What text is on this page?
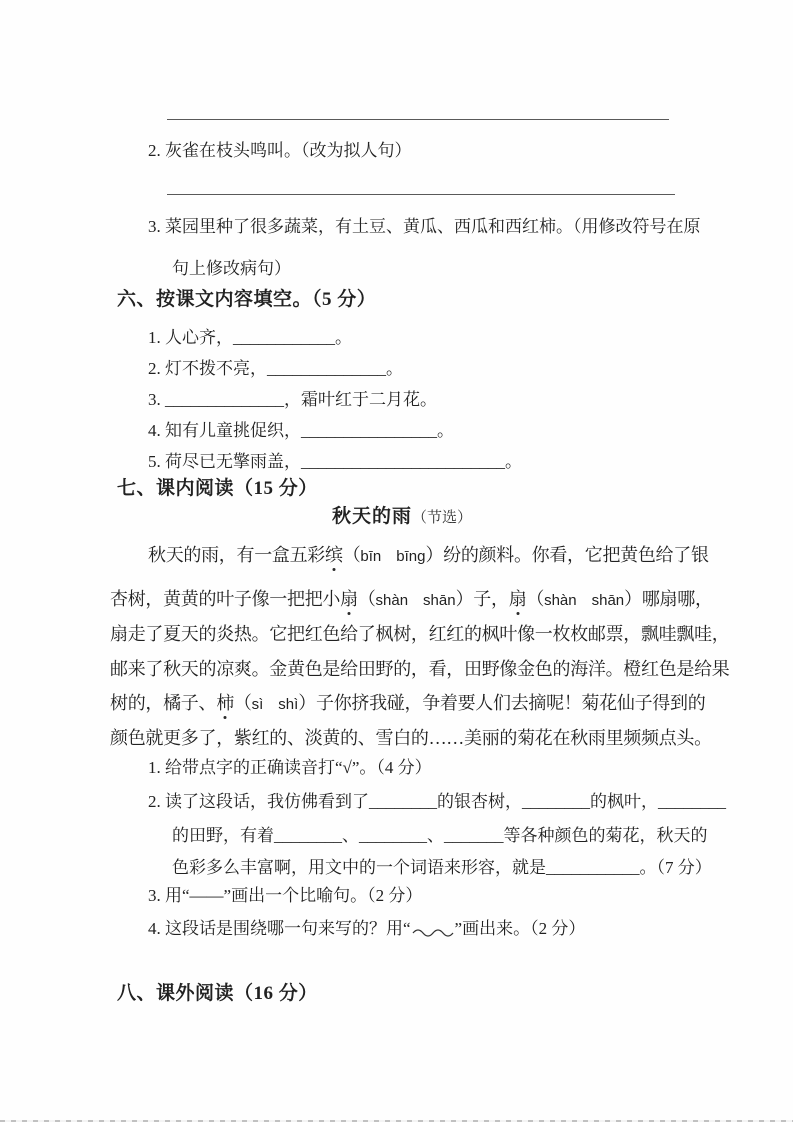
2. 灰雀在枝头鸣叫。（改为拟人句）
3. 菜园里种了很多蔬菜，有土豆、黄瓜、西瓜和西红柿。（用修改符号在原
句上修改病句）
六、按课文内容填空。（5 分）
1. 人心齐，____________。
2. 灯不拨不亮，______________。
3. ______________，霜叶红于二月花。
4. 知有儿童挑促织，________________。
5. 荷尽已无擎雨盖，________________________。
七、课内阅读（15 分）
秋天的雨（节选）
秋天的雨，有一盒五彩缤（bīn　bīng）纷的颜料。你看，它把黄色给了银
杏树，黄黄的叶子像一把把小扇（shàn　shān）子，扇（shàn　shān）哪扇哪，
扇走了夏天的炎热。它把红色给了枫树，红红的枫叶像一枚枚邮票，飘哇飘哇，
邮来了秋天的凉爽。金黄色是给田野的，看，田野像金色的海洋。橙红色是给果
树的，橘子、柿（sì　shì）子你挤我碰，争着要人们去摘呢！菊花仙子得到的
颜色就更多了，紫红的、淡黄的、雪白的……美丽的菊花在秋雨里频频点头。
1. 给带点字的正确读音打“√”。（4 分）
2. 读了这段话，我仿佛看到了________的银杏树，________的枫叶，________
的田野，有着________、________、_______等各种颜色的菊花，秋天的
色彩多么丰富啊，用文中的一个词语来形容，就是___________。（7 分）
3. 用“——”画出一个比喻句。（2 分）
4. 这段话是围绕哪一句来写的？用“	”画出来。（2 分）
八、课外阅读（16 分）
